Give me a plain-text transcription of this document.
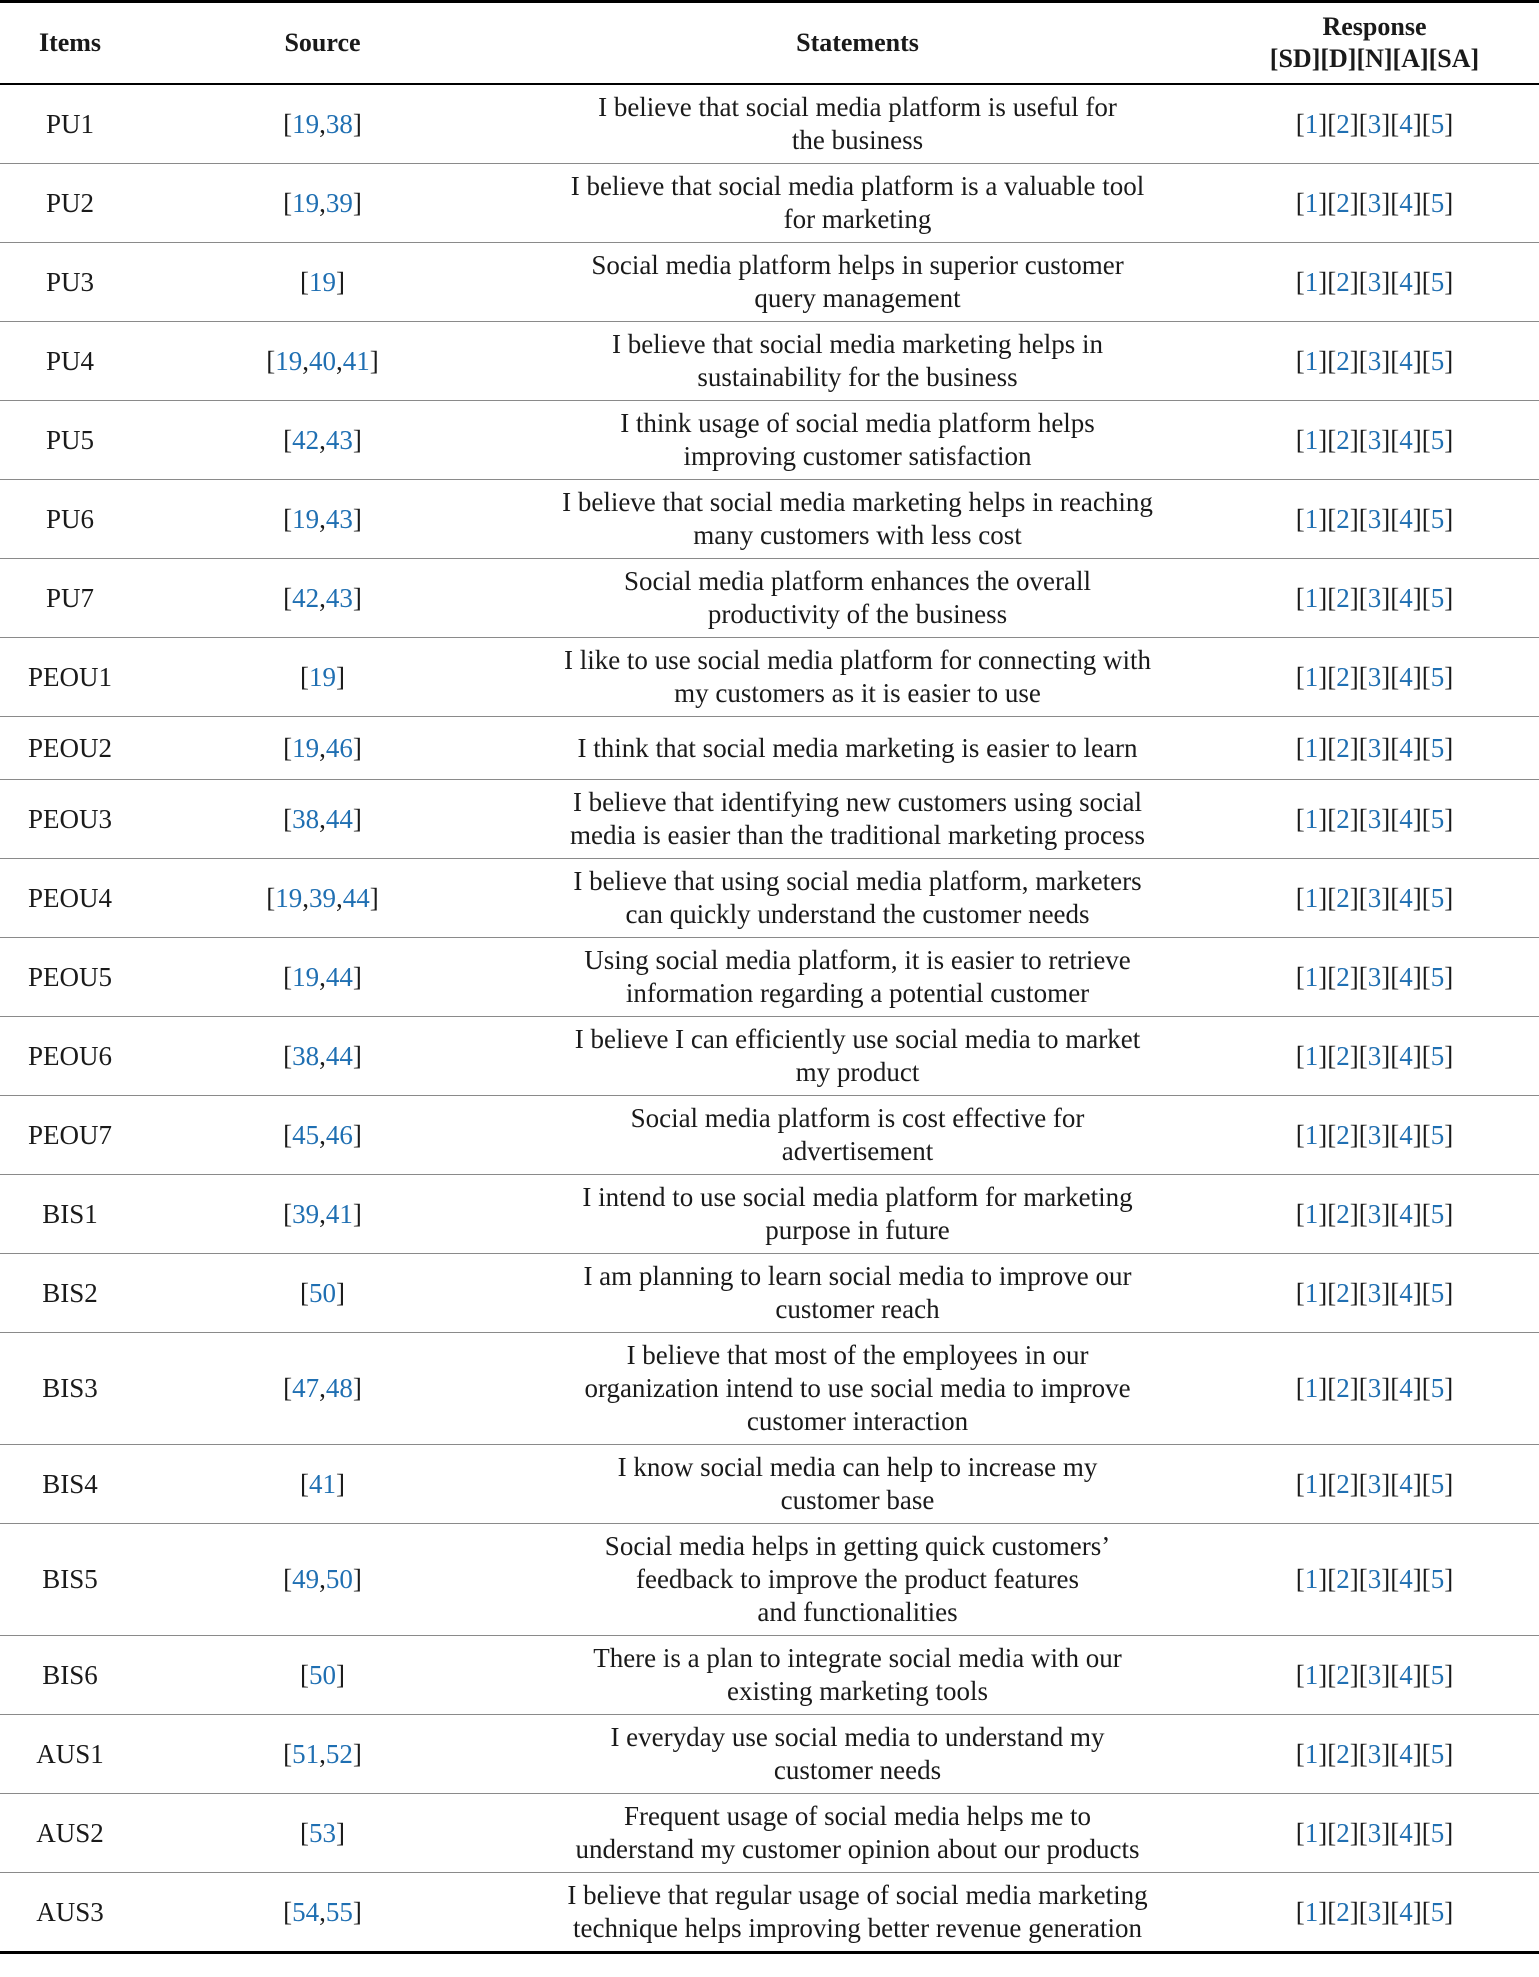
Items	Source	Statements	Response
[SD][D][N][A][SA]

PU1	[19,38]	I believe that social media platform is useful for
the business	[1][2][3][4][5]
PU2	[19,39]	I believe that social media platform is a valuable tool
for marketing	[1][2][3][4][5]
PU3	[19]	Social media platform helps in superior customer
query management	[1][2][3][4][5]
PU4	[19,40,41]	I believe that social media marketing helps in
sustainability for the business	[1][2][3][4][5]
PU5	[42,43]	I think usage of social media platform helps
improving customer satisfaction	[1][2][3][4][5]
PU6	[19,43]	I believe that social media marketing helps in reaching
many customers with less cost	[1][2][3][4][5]
PU7	[42,43]	Social media platform enhances the overall
productivity of the business	[1][2][3][4][5]
PEOU1	[19]	I like to use social media platform for connecting with
my customers as it is easier to use	[1][2][3][4][5]
PEOU2	[19,46]	I think that social media marketing is easier to learn	[1][2][3][4][5]
PEOU3	[38,44]	I believe that identifying new customers using social
media is easier than the traditional marketing process	[1][2][3][4][5]
PEOU4	[19,39,44]	I believe that using social media platform, marketers
can quickly understand the customer needs	[1][2][3][4][5]
PEOU5	[19,44]	Using social media platform, it is easier to retrieve
information regarding a potential customer	[1][2][3][4][5]
PEOU6	[38,44]	I believe I can efficiently use social media to market
my product	[1][2][3][4][5]
PEOU7	[45,46]	Social media platform is cost effective for
advertisement	[1][2][3][4][5]
BIS1	[39,41]	I intend to use social media platform for marketing
purpose in future	[1][2][3][4][5]
BIS2	[50]	I am planning to learn social media to improve our
customer reach	[1][2][3][4][5]
BIS3	[47,48]	I believe that most of the employees in our
organization intend to use social media to improve
customer interaction	[1][2][3][4][5]
BIS4	[41]	I know social media can help to increase my
customer base	[1][2][3][4][5]
BIS5	[49,50]	Social media helps in getting quick customers’
feedback to improve the product features
and functionalities	[1][2][3][4][5]
BIS6	[50]	There is a plan to integrate social media with our
existing marketing tools	[1][2][3][4][5]
AUS1	[51,52]	I everyday use social media to understand my
customer needs	[1][2][3][4][5]
AUS2	[53]	Frequent usage of social media helps me to
understand my customer opinion about our products	[1][2][3][4][5]
AUS3	[54,55]	I believe that regular usage of social media marketing
technique helps improving better revenue generation	[1][2][3][4][5]
